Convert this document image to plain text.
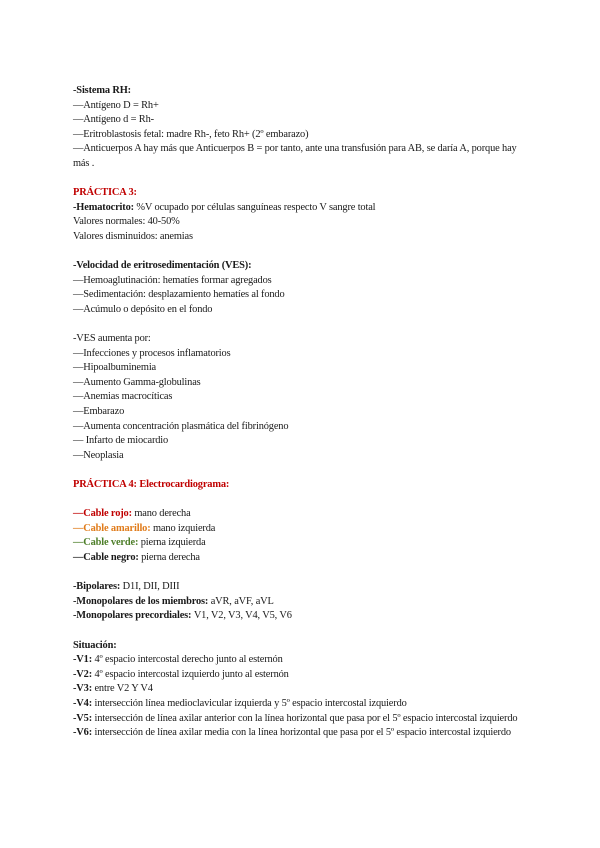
-Sistema RH:
—Antígeno D = Rh+
—Antígeno d = Rh-
—Eritroblastosis fetal: madre Rh-, feto Rh+ (2º embarazo)
—Anticuerpos A hay más que Anticuerpos B = por tanto, ante una transfusión para AB, se daría A, porque hay más .
PRÁCTICA 3:
-Hematocrito: %V ocupado por células sanguíneas respecto V sangre total
Valores normales: 40-50%
Valores disminuidos: anemias
-Velocidad de eritrosedimentación (VES):
—Hemoaglutinación: hematíes formar agregados
—Sedimentación: desplazamiento hematíes al fondo
—Acúmulo o depósito en el fondo
-VES aumenta por:
—Infecciones y procesos inflamatorios
—Hipoalbuminemia
—Aumento Gamma-globulinas
—Anemias macrocíticas
—Embarazo
—Aumenta concentración plasmática del fibrinógeno
— Infarto de miocardio
—Neoplasia
PRÁCTICA 4: Electrocardiograma:
—Cable rojo: mano derecha
—Cable amarillo: mano izquierda
—Cable verde: pierna izquierda
—Cable negro: pierna derecha
-Bipolares: D1I, DII, DIII
-Monopolares de los miembros: aVR, aVF, aVL
-Monopolares precordiales: V1, V2, V3, V4, V5, V6
Situación:
-V1: 4º espacio intercostal derecho junto al esternón
-V2: 4º espacio intercostal izquierdo junto al esternón
-V3: entre V2 Y V4
-V4: intersección línea medioclavicular izquierda y 5º espacio intercostal izquierdo
-V5: intersección de línea axilar anterior con la línea horizontal que pasa por el 5º espacio intercostal izquierdo
-V6: intersección de línea axilar media con la línea horizontal que pasa por el 5º espacio intercostal izquierdo
